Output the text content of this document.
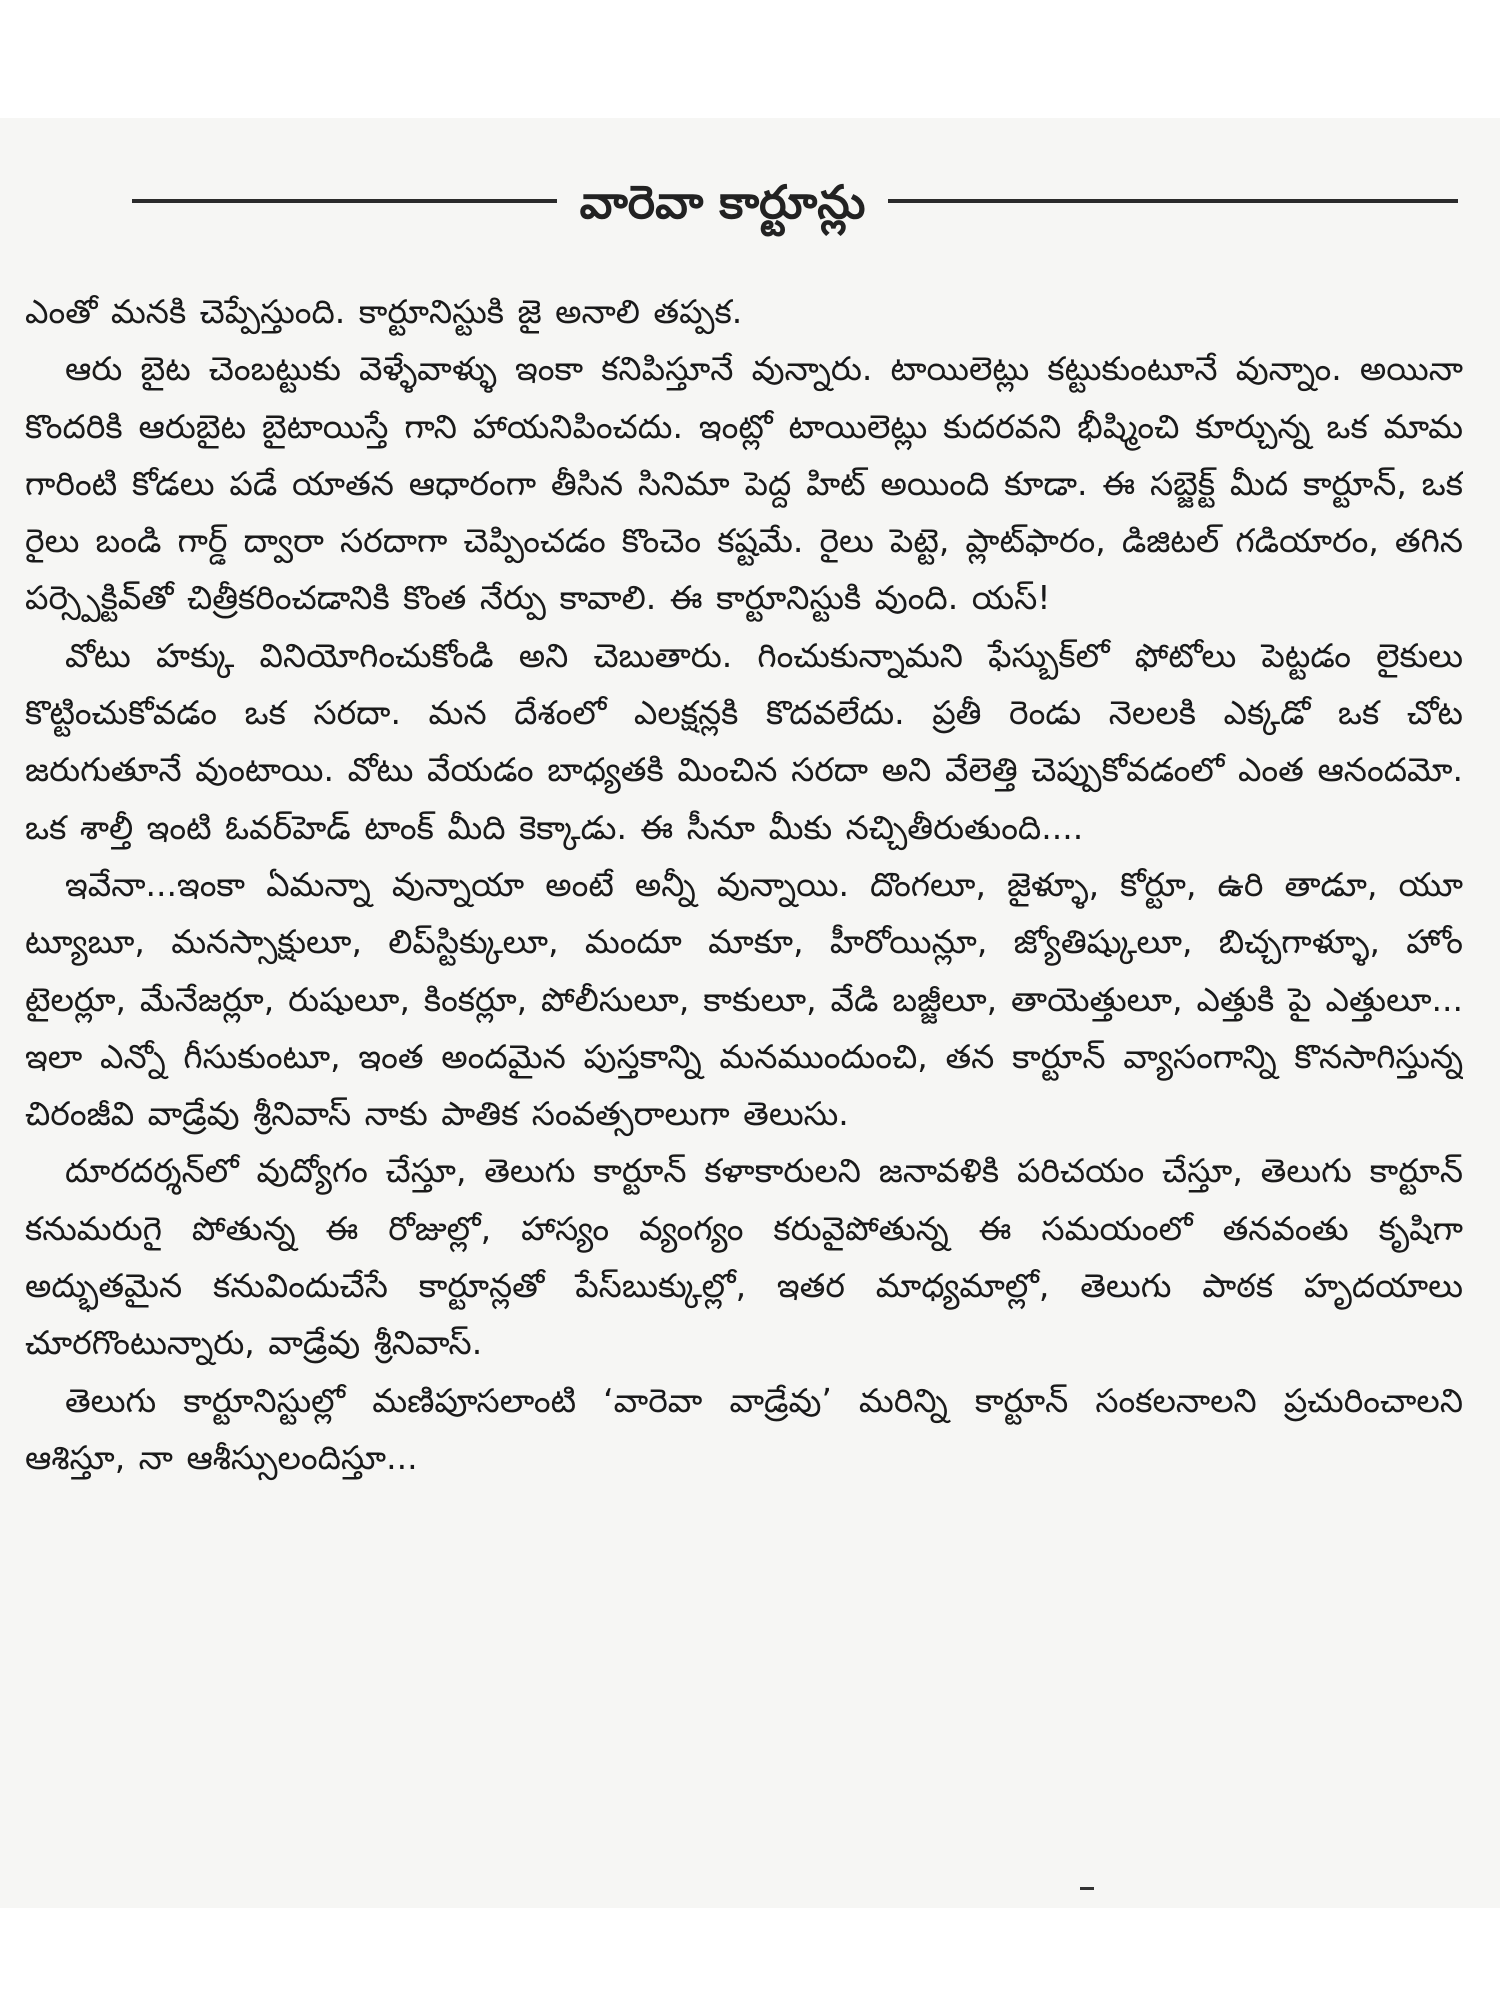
వారెవా కార్టూన్లు

ఎంతో మనకి చెప్పేస్తుంది. కార్టూనిస్టుకి జై అనాలి తప్పక.

ఆరు బైట చెంబట్టుకు వెళ్ళేవాళ్ళు ఇంకా కనిపిస్తూనే వున్నారు. టాయిలెట్లు కట్టుకుంటూనే వున్నాం. అయినా కొందరికి ఆరుబైట బైటాయిస్తే గాని హాయనిపించదు. ఇంట్లో టాయిలెట్లు కుదరవని భీష్మించి కూర్చున్న ఒక మామ గారింటి కోడలు పడే యాతన ఆధారంగా తీసిన సినిమా పెద్ద హిట్ అయింది కూడా. ఈ సబ్జెక్ట్ మీద కార్టూన్, ఒక రైలు బండి గార్డ్ ద్వారా సరదాగా చెప్పించడం కొంచెం కష్టమే. రైలు పెట్టె, ప్లాట్‌ఫారం, డిజిటల్ గడియారం, తగిన పర్స్పెక్టివ్‌తో చిత్రీకరించడానికి కొంత నేర్పు కావాలి. ఈ కార్టూనిస్టుకి వుంది. యస్!

వోటు హక్కు వినియోగించుకోండి అని చెబుతారు. గించుకున్నామని ఫేస్బుక్‌లో ఫోటోలు పెట్టడం లైకులు కొట్టించుకోవడం ఒక సరదా. మన దేశంలో ఎలక్షన్లకి కొదవలేదు. ప్రతీ రెండు నెలలకి ఎక్కడో ఒక చోట జరుగుతూనే వుంటాయి. వోటు వేయడం బాధ్యతకి మించిన సరదా అని వేలెత్తి చెప్పుకోవడంలో ఎంత ఆనందమో. ఒక శాల్తీ ఇంటి ఓవర్‌హెడ్ టాంక్ మీది కెక్కాడు. ఈ సీనూ మీకు నచ్చితీరుతుంది....

ఇవేనా...ఇంకా ఏమన్నా వున్నాయా అంటే అన్నీ వున్నాయి. దొంగలూ, జైళ్ళూ, కోర్టూ, ఉరి తాడూ, యూ ట్యూబూ, మనస్సాక్షులూ, లిప్‌స్టిక్కులూ, మందూ మాకూ, హీరోయిన్లూ, జ్యోతిష్కులూ, బిచ్చగాళ్ళూ, హోం టైలర్లూ, మేనేజర్లూ, రుషులూ, కింకర్లూ, పోలీసులూ, కాకులూ, వేడి బజ్జీలూ, తాయెత్తులూ, ఎత్తుకి పై ఎత్తులూ... ఇలా ఎన్నో గీసుకుంటూ, ఇంత అందమైన పుస్తకాన్ని మనముందుంచి, తన కార్టూన్ వ్యాసంగాన్ని కొనసాగిస్తున్న చిరంజీవి వాడ్రేవు శ్రీనివాస్ నాకు పాతిక సంవత్సరాలుగా తెలుసు.

దూరదర్శన్‌లో వుద్యోగం చేస్తూ, తెలుగు కార్టూన్ కళాకారులని జనావళికి పరిచయం చేస్తూ, తెలుగు కార్టూన్ కనుమరుగై పోతున్న ఈ రోజుల్లో, హాస్యం వ్యంగ్యం కరువైపోతున్న ఈ సమయంలో తనవంతు కృషిగా అద్భుతమైన కనువిందుచేసే కార్టూన్లతో పేస్‌బుక్కుల్లో, ఇతర మాధ్యమాల్లో, తెలుగు పాఠక హృదయాలు చూరగొంటున్నారు, వాడ్రేవు శ్రీనివాస్.

తెలుగు కార్టూనిస్టుల్లో మణిపూసలాంటి ‘వారెవా వాడ్రేవు’ మరిన్ని కార్టూన్ సంకలనాలని ప్రచురించాలని ఆశిస్తూ, నా ఆశీస్సులందిస్తూ...
